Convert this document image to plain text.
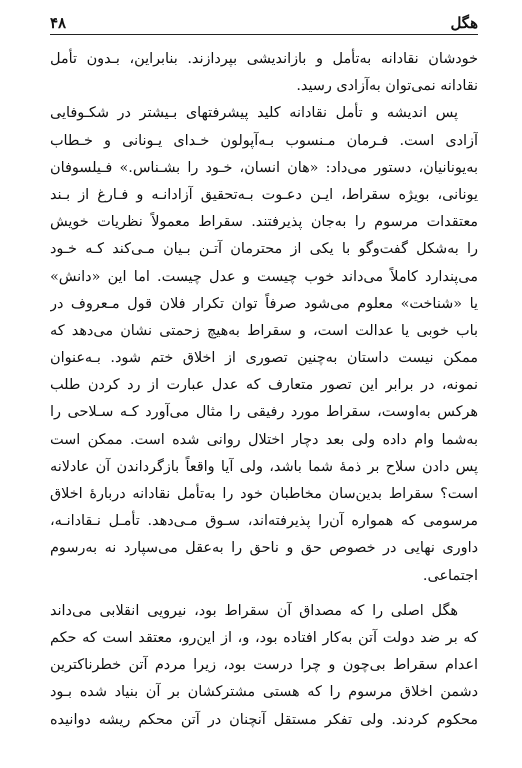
هگل
۴۸
خودشان نقادانه به‌تأمل و بازاندیشی بپردازند. بنابراین، بـدون تأمل
نقادانه نمی‌توان به‌آزادی رسید.
پس اندیشه و تأمل نقادانه کلید پیشرفتهای بـیشتر در شکـوفایی
آزادی است. فـرمان مـنسوب بـه‌آپولون خـدای یـونانی و خـطاب
به‌یونانیان، دستور می‌داد: «هان انسان، خـود را بشـناس.» فـیلسوفان
یونانی، بویژه سقراط، ایـن دعـوت بـه‌تحقیق آزادانـه و فـارغ از بـند
معتقدات مرسوم را به‌جان پذیرفتند. سقراط معمولاً نظریات خویش
را به‌شکل گفت‌وگو با یکی از محترمان آتـن بـیان مـی‌کند کـه خـود
می‌پندارد کاملاً می‌داند خوب چیست و عدل چیست. اما این «دانش»
یا «شناخت» معلوم می‌شود صرفاً توان تکرار فلان قول مـعروف در
باب خوبی یا عدالت است، و سقراط به‌هیچ زحمتی نشان می‌دهد که
ممکن نیست داستان به‌چنین تصوری از اخلاق ختم شود. بـه‌عنوان
نمونه، در برابر این تصور متعارف که عدل عبارت از رد کردن طلب
هرکس به‌اوست، سقراط مورد رفیقی را مثال می‌آورد کـه سـلاحی را
به‌شما وام داده ولی بعد دچار اختلال روانی شده است. ممکن است
پس دادن سلاح بر ذمهٔ شما باشد، ولی آیا واقعاً بازگرداندن آن عادلانه
است؟ سقراط بدین‌سان مخاطبان خود را به‌تأمل نقادانه دربارهٔ اخلاق
مرسومی که همواره آن‌را پذیرفته‌اند، سـوق مـی‌دهد. تأمـل نـقادانـه،
داوری نهایی در خصوص حق و ناحق را به‌عقل می‌سپارد نه به‌رسوم
اجتماعی.
هگل اصلی را که مصداق آن سقراط بود، نیرویی انقلابی می‌داند
که بر ضد دولت آتن به‌کار افتاده بود، و، از این‌رو، معتقد است که حکم
اعدام سقراط بی‌چون و چرا درست بود، زیرا مردم آتن خطرناکترین
دشمن اخلاق مرسوم را که هستی مشترکشان بر آن بنیاد شده بـود
محکوم کردند. ولی تفکر مستقل آنچنان در آتن محکم ریشه دوانیده
